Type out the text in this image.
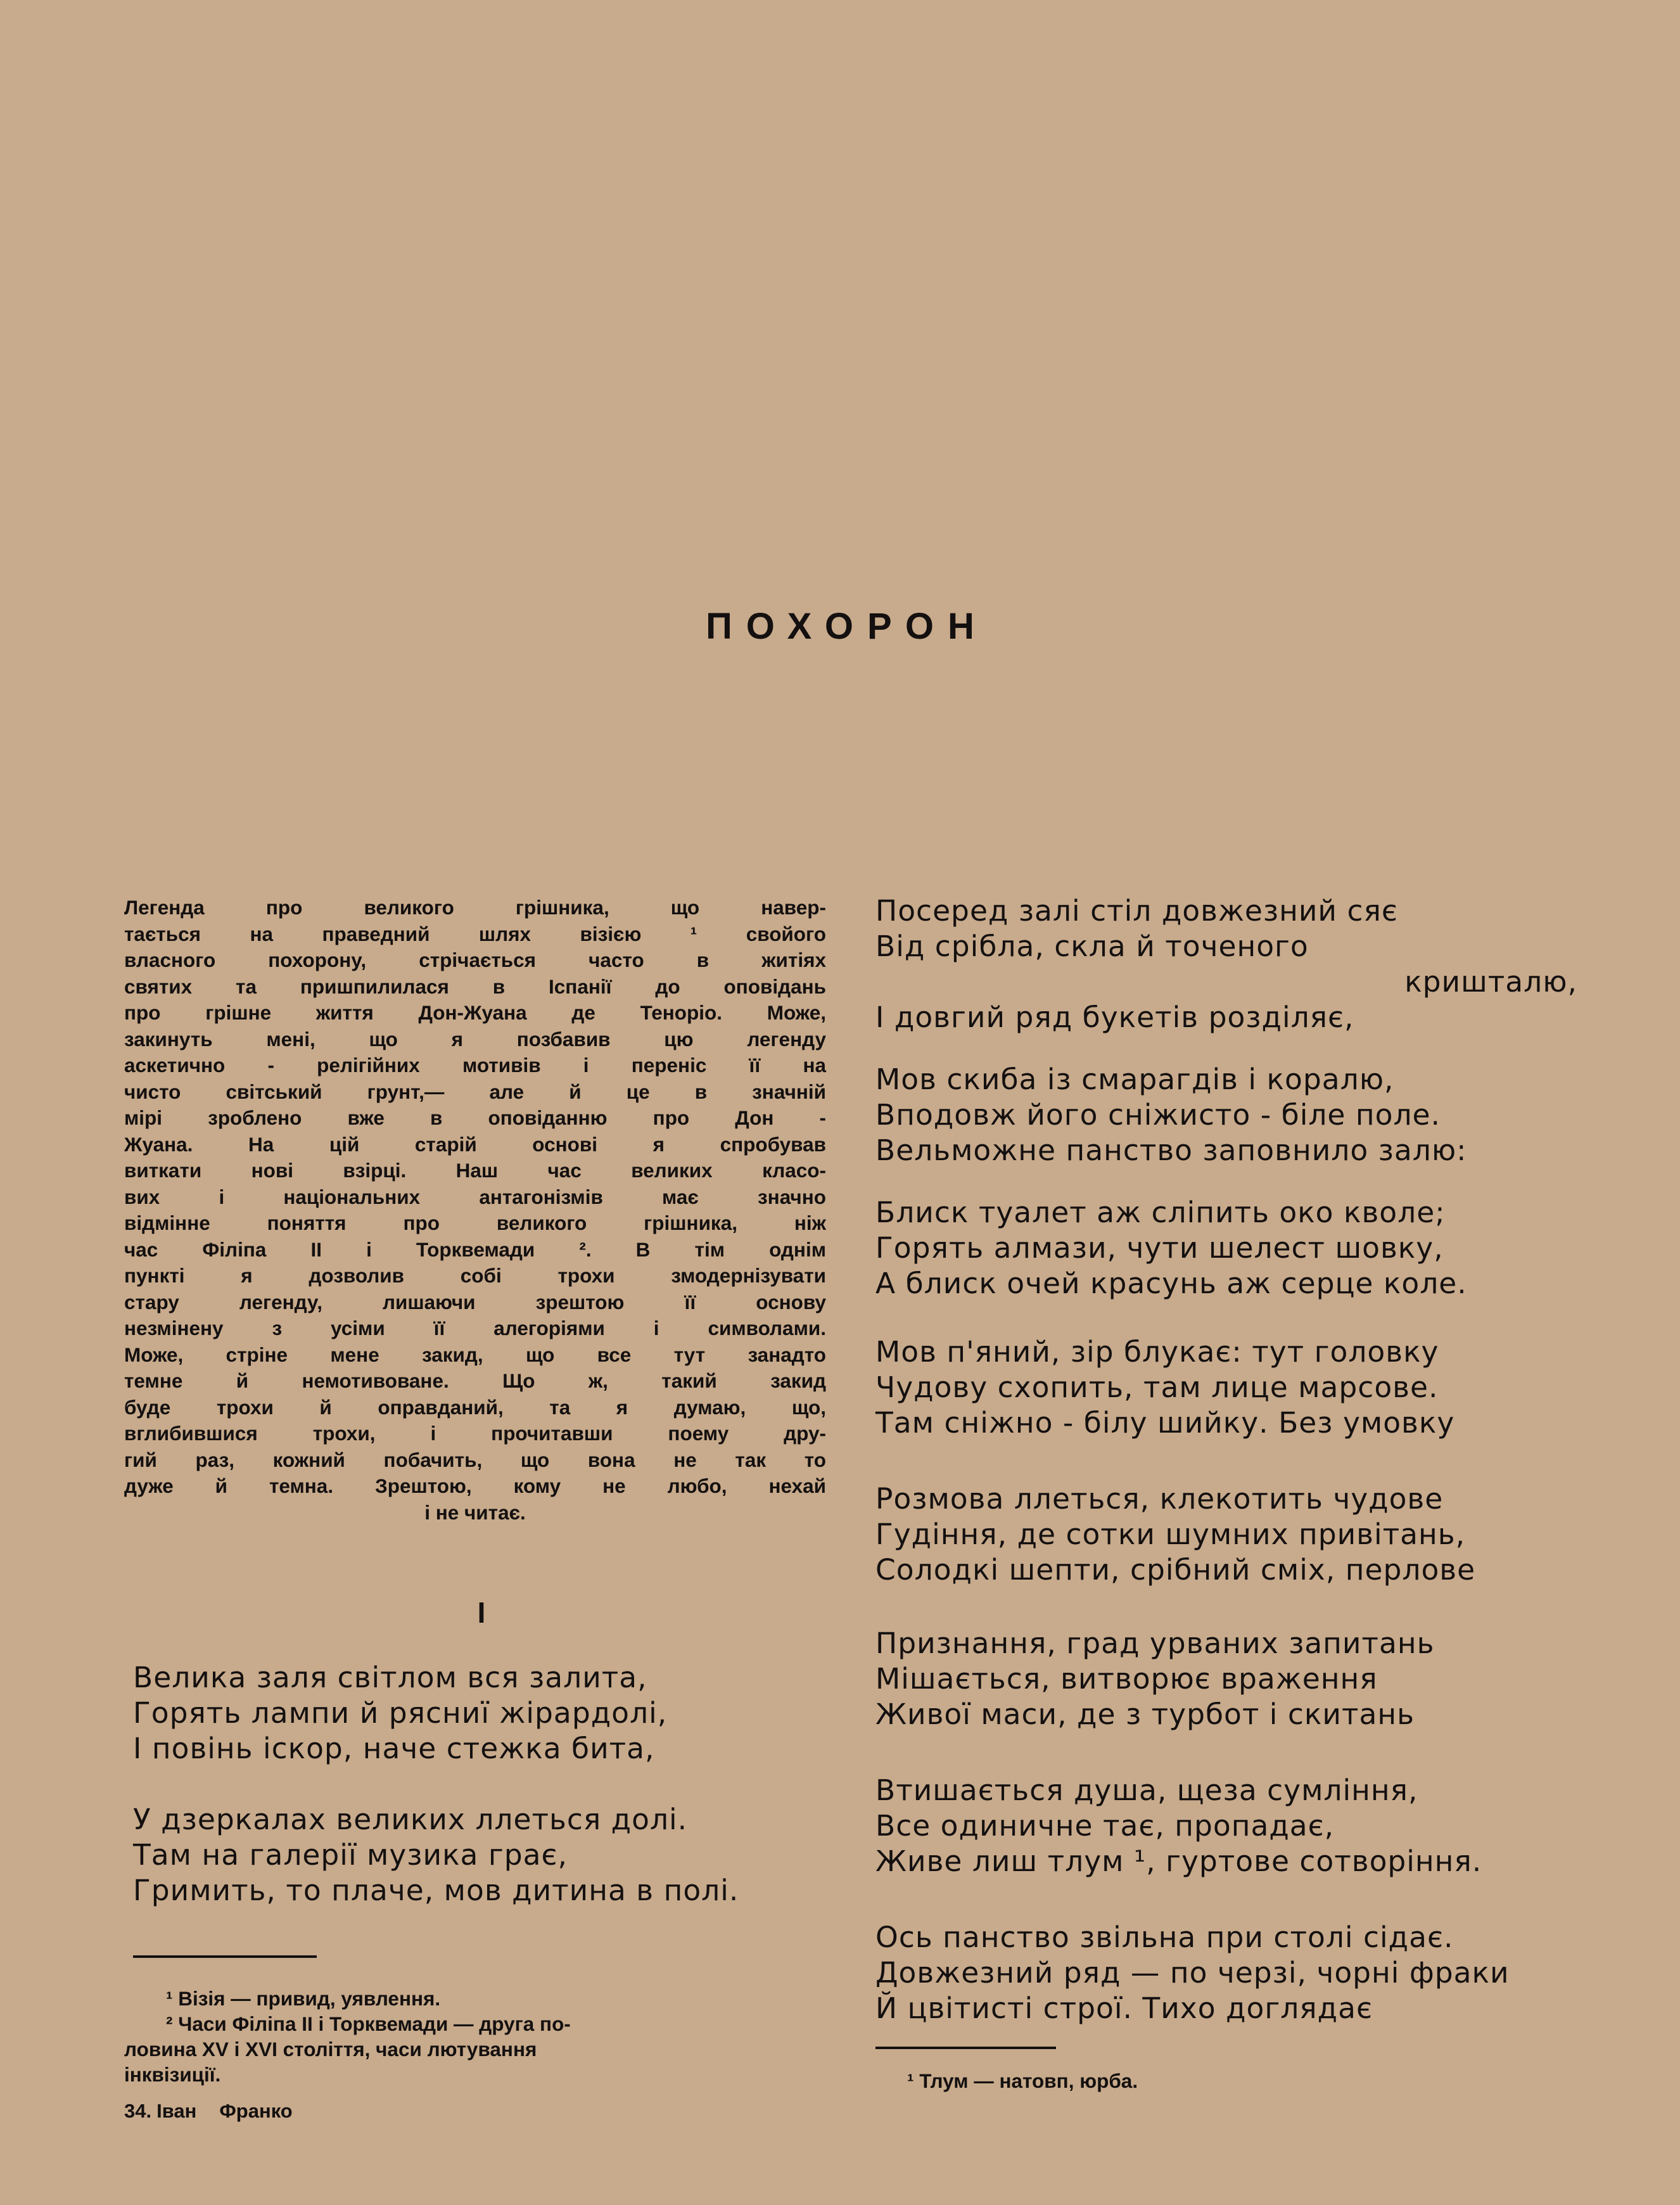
ПОХОРОН
Легенда про великого грішника, що навер-
тається на праведний шлях візією ¹ свойого
власного похорону, стрічається часто в житіях
святих та пришпилилася в Іспанії до оповідань
про грішне життя Дон-Жуана де Теноріо. Може,
закинуть мені, що я позбавив цю легенду
аскетично - релігійних мотивів і переніс її на
чисто світський грунт,— але й це в значній
мірі зроблено вже в оповіданню про Дон -
Жуана. На цій старій основі я спробував
виткати нові взірці. Наш час великих класо-
вих і національних антагонізмів має значно
відмінне поняття про великого грішника, ніж
час Філіпа II і Торквемади ². В тім однім
пункті я дозволив собі трохи змодернізувати
стару легенду, лишаючи зрештою її основу
незмінену з усіми її алегоріями і символами.
Може, стріне мене закид, що все тут занадто
темне й немотивоване. Що ж, такий закид
буде трохи й оправданий, та я думаю, що,
вглибившися трохи, і прочитавши поему дру-
гий раз, кожний побачить, що вона не так то
дуже й темна. Зрештою, кому не любо, нехай
і не читає.
I
Велика заля світлом вся залита,
Горять лампи й рясниї жірардолі,
І повінь іскор, наче стежка бита,
У дзеркалах великих ллеться долі.
Там на галерії музика грає,
Гримить, то плаче, мов дитина в полі.
¹ Візія — привид, уявлення.
² Часи Філіпа II і Торквемади — друга по-
34. Іван Франко
Посеред залі стіл довжезний сяє
Від срібла, скла й точеного
кришталю,
І довгий ряд букетів розділяє,
Мов скиба із смарагдів і коралю,
Вподовж його сніжисто - біле поле.
Вельможне панство заповнило залю:
Блиск туалет аж сліпить око кволе;
Горять алмази, чути шелест шовку,
А блиск очей красунь аж серце коле.
Мов п'яний, зір блукає: тут головку
Чудову схопить, там лице марсове.
Там сніжно - білу шийку. Без умовку
Розмова ллеться, клекотить чудове
Гудіння, де сотки шумних привітань,
Солодкі шепти, срібний сміх, перлове
Признання, град урваних запитань
Мішається, витворює враження
Живої маси, де з турбот і скитань
Втишається душа, щеза сумління,
Все одиничне тає, пропадає,
Живе лиш тлум ¹, гуртове сотворіння.
Ось панство звільна при столі сідає.
Довжезний ряд — по черзі, чорні фраки
Й цвітисті строї. Тихо доглядає
¹ Тлум — натовп, юрба.
ловина XV і XVI століття, часи лютування
інквізиції.
